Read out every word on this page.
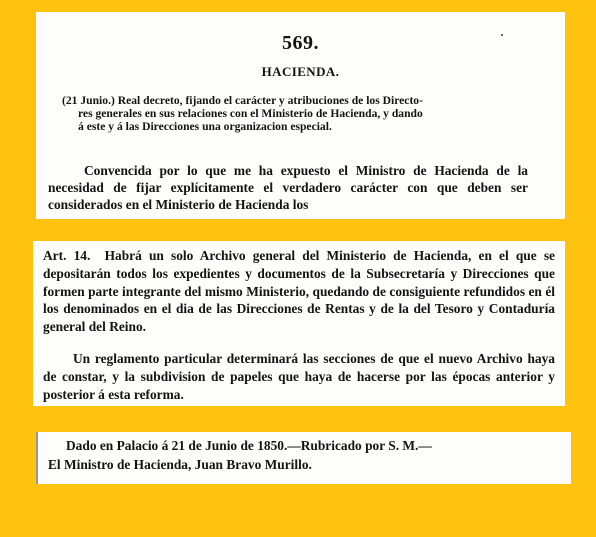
569.
HACIENDA.
(21 Junio.) Real decreto, fijando el carácter y atribuciones de los Directo-
res generales en sus relaciones con el Ministerio de Hacienda, y dando
á este y á las Direcciones una organizacion especial.
Convencida por lo que me ha expuesto el Ministro de Hacienda de la necesidad de fijar explícitamente el verdadero carácter con que deben ser considerados en el Ministerio de Hacienda los

Art. 14. Habrá un solo Archivo general del Ministerio de Hacienda, en el que se depositarán todos los expedientes y documentos de la Subsecretaría y Direcciones que formen parte integrante del mismo Ministerio, quedando de consiguiente refundidos en él los denominados en el dia de las Direcciones de Rentas y de la del Tesoro y Contaduría general del Reino.

Un reglamento particular determinará las secciones de que el nuevo Archivo haya de constar, y la subdivision de papeles que haya de hacerse por las épocas anterior y posterior á esta reforma.

Dado en Palacio á 21 de Junio de 1850.—Rubricado por S. M.—
El Ministro de Hacienda, Juan Bravo Murillo.
